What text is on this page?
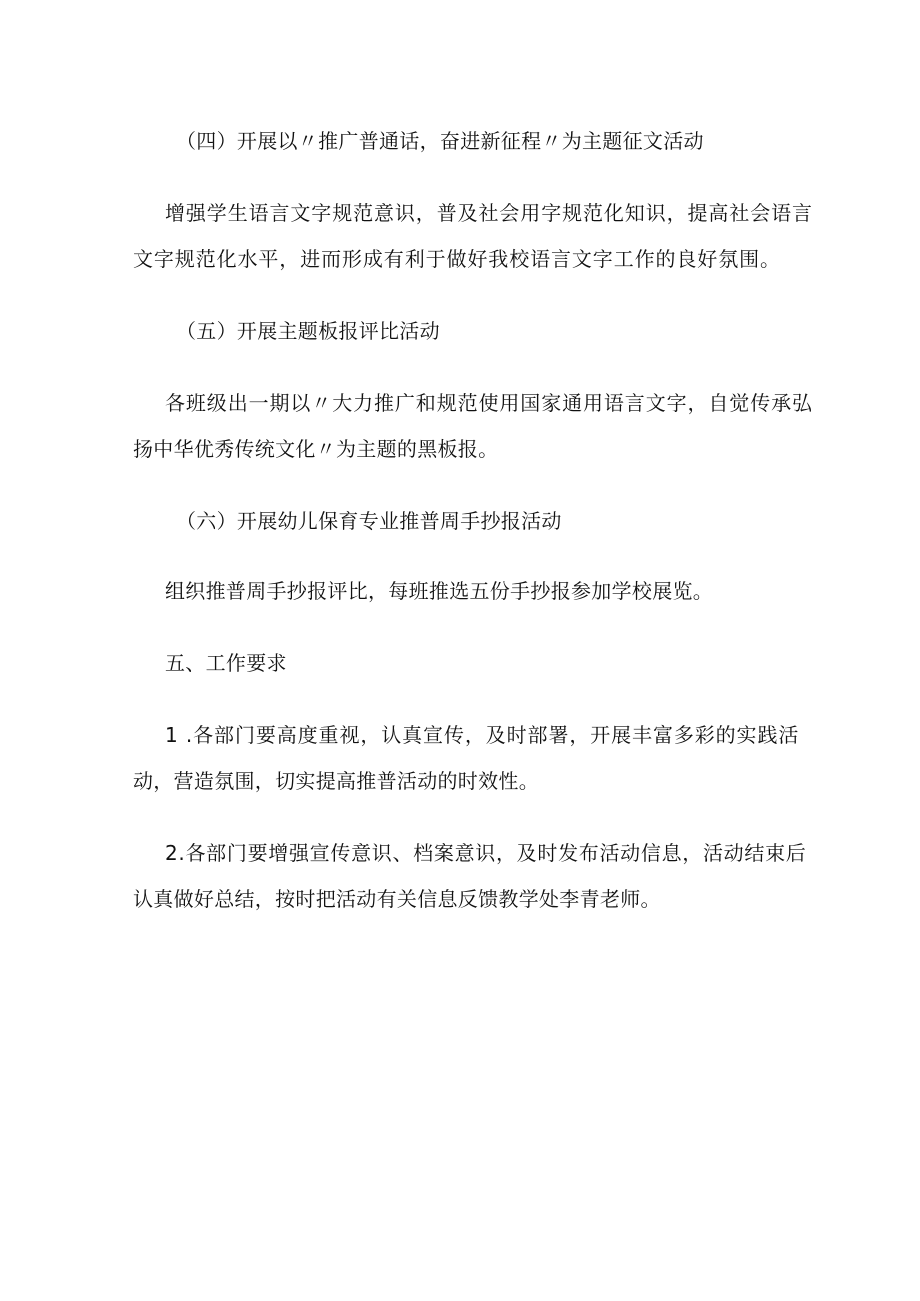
（四）开展以〃推广普通话，奋进新征程〃为主题征文活动
增强学生语言文字规范意识，普及社会用字规范化知识，提高社会语言
文字规范化水平，进而形成有利于做好我校语言文字工作的良好氛围。
（五）开展主题板报评比活动
各班级出一期以〃大力推广和规范使用国家通用语言文字，自觉传承弘
扬中华优秀传统文化〃为主题的黑板报。
（六）开展幼儿保育专业推普周手抄报活动
组织推普周手抄报评比，每班推选五份手抄报参加学校展览。
五、工作要求
1 .各部门要高度重视，认真宣传，及时部署，开展丰富多彩的实践活
动，营造氛围，切实提高推普活动的时效性。
2.各部门要增强宣传意识、档案意识，及时发布活动信息，活动结束后
认真做好总结，按时把活动有关信息反馈教学处李青老师。
